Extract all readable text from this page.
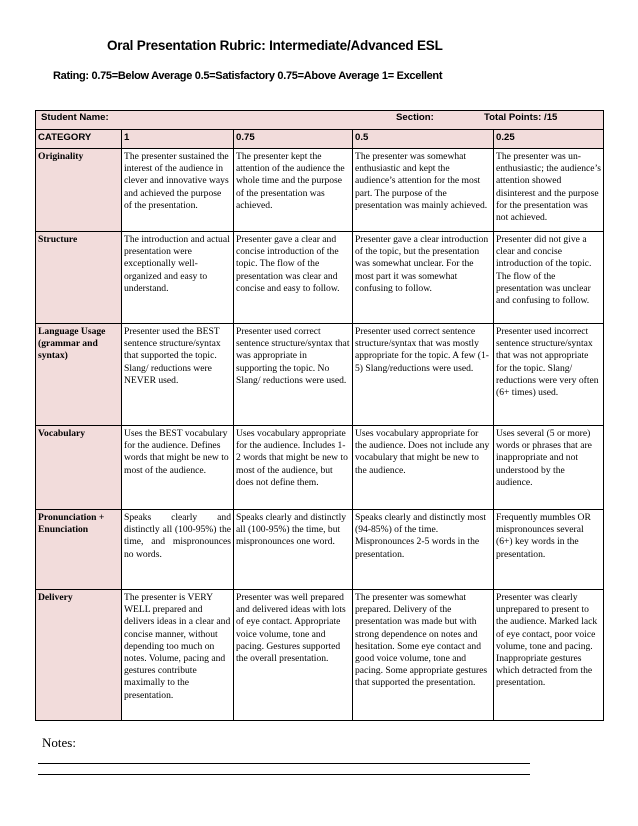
Oral Presentation Rubric: Intermediate/Advanced ESL
Rating: 0.75=Below Average 0.5=Satisfactory 0.75=Above Average 1= Excellent
Student Name: Section: Total Points: /15				

CATEGORY	1	0.75	0.5	0.25
Originality	The presenter sustained the interest of the audience in clever and innovative ways and achieved the purpose of the presentation.	The presenter kept the attention of the audience the whole time and the purpose of the presentation was achieved.	The presenter was somewhat enthusiastic and kept the audience’s attention for the most part. The purpose of the presentation was mainly achieved.	The presenter was un-enthusiastic; the audience’s attention showed disinterest and the purpose for the presentation was not achieved.
Structure	The introduction and actual presentation were exceptionally well- organized and easy to understand.	Presenter gave a clear and concise introduction of the topic. The flow of the presentation was clear and concise and easy to follow.	Presenter gave a clear introduction of the topic, but the presentation was somewhat unclear. For the most part it was somewhat confusing to follow.	Presenter did not give a clear and concise introduction of the topic. The flow of the presentation was unclear and confusing to follow.
Language Usage (grammar and syntax)	Presenter used the BEST sentence structure/syntax that supported the topic. Slang/ reductions were NEVER used.	Presenter used correct sentence structure/syntax that was appropriate in supporting the topic. No Slang/ reductions were used.	Presenter used correct sentence structure/syntax that was mostly appropriate for the topic. A few (1-5) Slang/reductions were used.	Presenter used incorrect sentence structure/syntax that was not appropriate for the topic. Slang/ reductions were very often (6+ times) used.
Vocabulary	Uses the BEST vocabulary for the audience. Defines words that might be new to most of the audience.	Uses vocabulary appropriate for the audience. Includes 1-2 words that might be new to most of the audience, but does not define them.	Uses vocabulary appropriate for the audience. Does not include any vocabulary that might be new to the audience.	Uses several (5 or more) words or phrases that are inappropriate and not understood by the audience.
Pronunciation + Enunciation	Speaks clearly and distinctly all (100-95%) the time, and mispronounces no words.	Speaks clearly and distinctly all (100-95%) the time, but mispronounces one word.	Speaks clearly and distinctly most (94-85%) of the time. Mispronounces 2-5 words in the presentation.	Frequently mumbles OR mispronounces several (6+) key words in the presentation.
Delivery	The presenter is VERY WELL prepared and delivers ideas in a clear and concise manner, without depending too much on notes. Volume, pacing and gestures contribute maximally to the presentation.	Presenter was well prepared and delivered ideas with lots of eye contact. Appropriate voice volume, tone and pacing. Gestures supported the overall presentation.	The presenter was somewhat prepared. Delivery of the presentation was made but with strong dependence on notes and hesitation. Some eye contact and good voice volume, tone and pacing. Some appropriate gestures that supported the presentation.	Presenter was clearly unprepared to present to the audience. Marked lack of eye contact, poor voice volume, tone and pacing. Inappropriate gestures which detracted from the presentation.
Notes:
